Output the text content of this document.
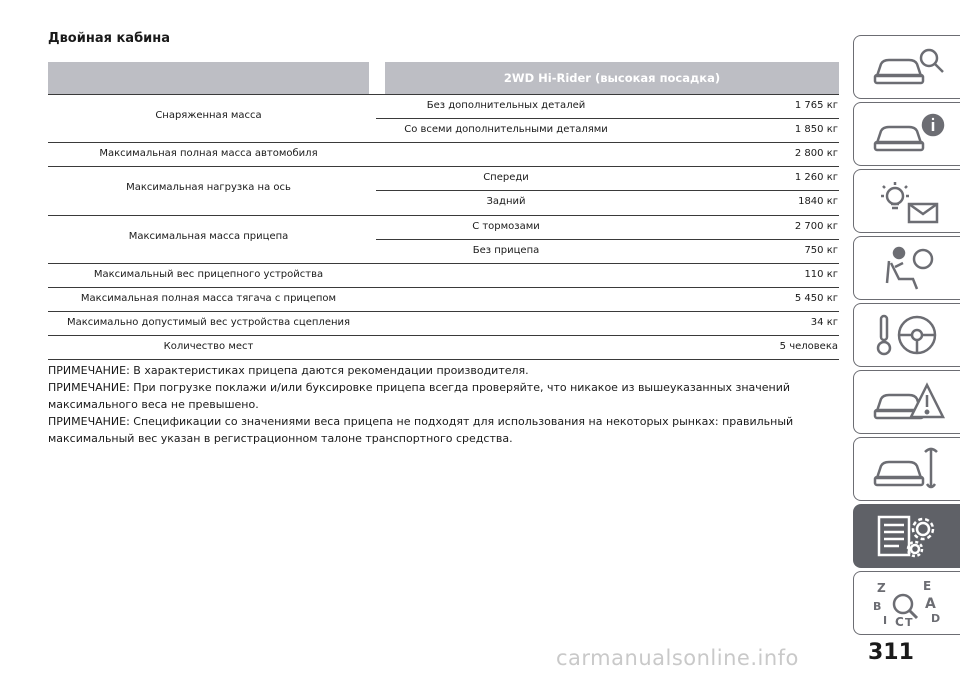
Двойная кабина
2WD Hi-Rider (высокая посадка)
Снаряженная масса
Без дополнительных деталей	1 765 кг
Со всеми дополнительными деталями	1 850 кг
Максимальная полная масса автомобиля	2 800 кг
Максимальная нагрузка на ось
Спереди	1 260 кг
Задний	1840 кг
Максимальная масса прицепа
С тормозами	2 700 кг
Без прицепа	750 кг
Максимальный вес прицепного устройства	110 кг
Максимальная полная масса тягача с прицепом	5 450 кг
Максимально допустимый вес устройства сцепления	34 кг
Количество мест	5 человека

ПРИМЕЧАНИЕ: В характеристиках прицепа даются рекомендации производителя.

ПРИМЕЧАНИЕ: При погрузке поклажи и/или буксировке прицепа всегда проверяйте, что никакое из вышеуказанных значений максимального веса не превышено.

ПРИМЕЧАНИЕ: Спецификации со значениями веса прицепа не подходят для использования на некоторых рынках: правильный максимальный вес указан в регистрационном талоне транспортного средства.

Z	E
B	A
D
I C T
311
carmanualsonline.info
